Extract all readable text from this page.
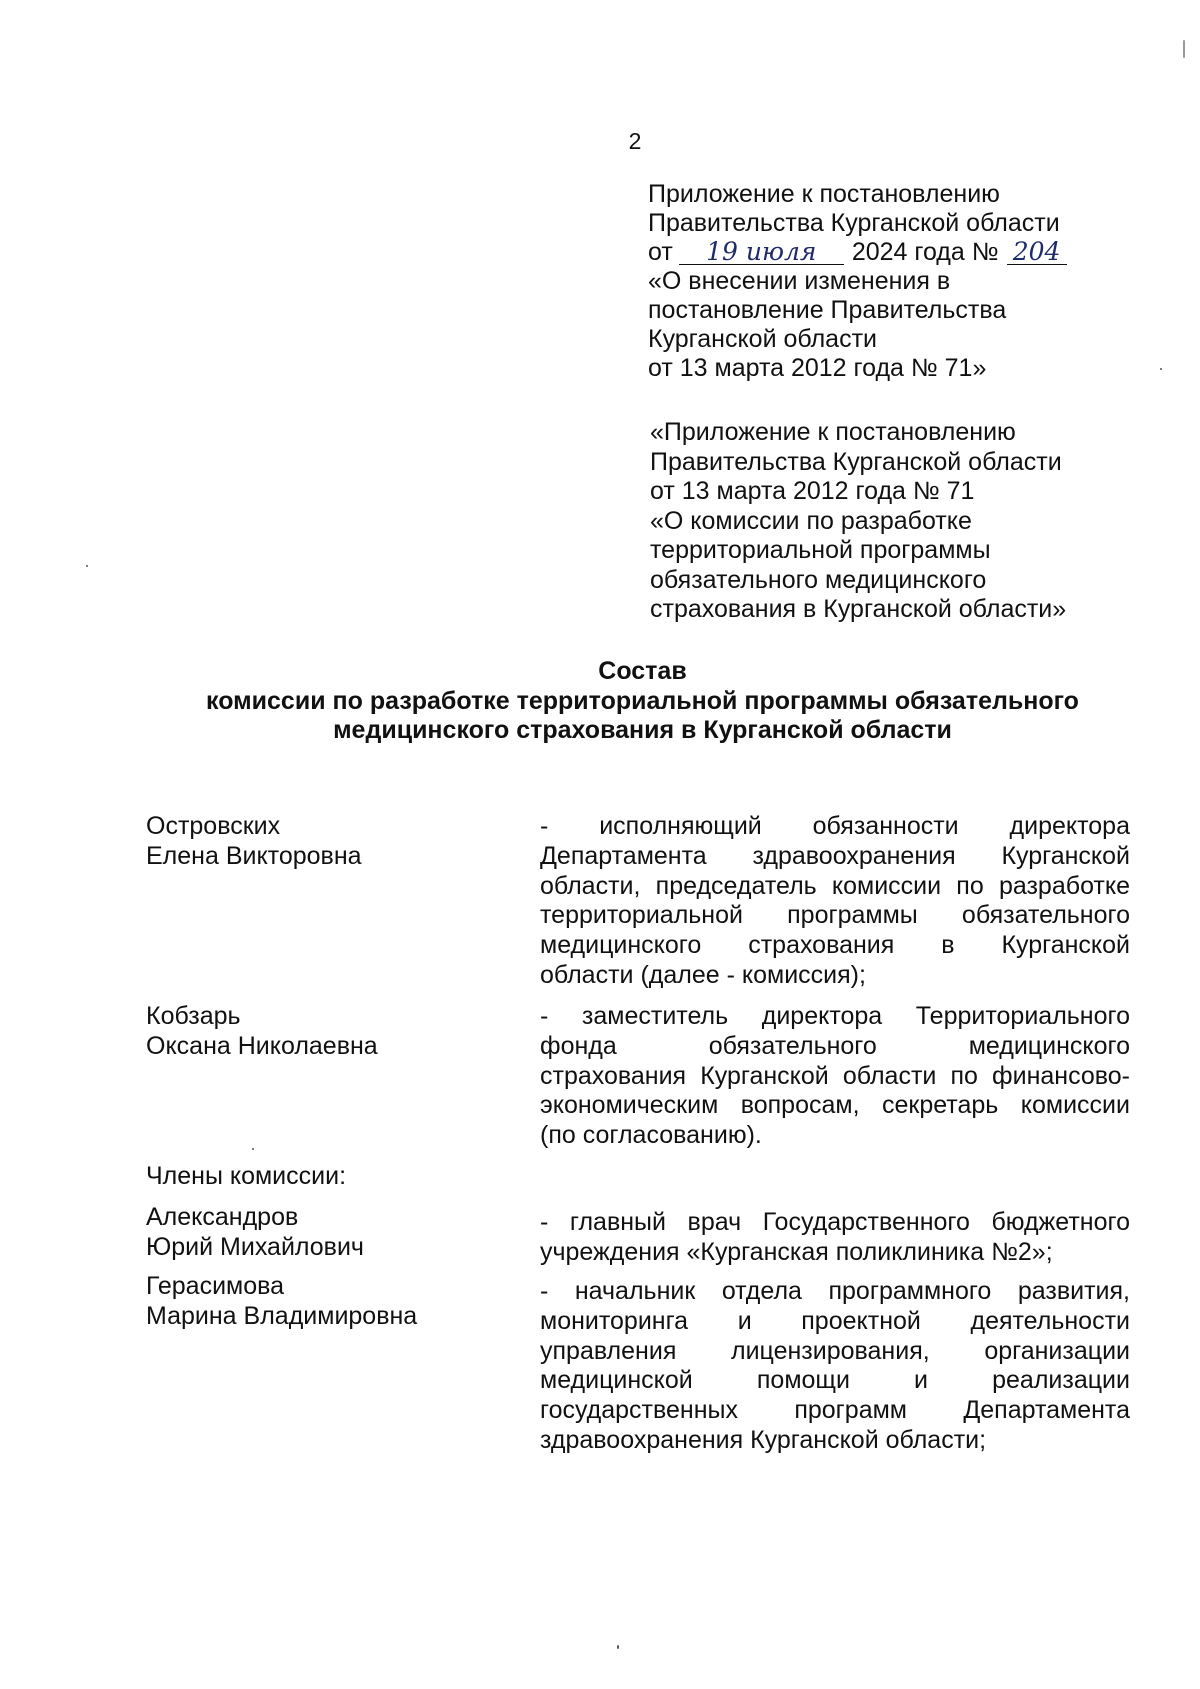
2
Приложение к постановлению
Правительства Курганской области
от 19 июля 2024 года № 204
«О внесении изменения в
постановление Правительства
Курганской области
от 13 марта 2012 года № 71»
«Приложение к постановлению
Правительства Курганской области
от 13 марта 2012 года № 71
«О комиссии по разработке
территориальной программы
обязательного медицинского
страхования в Курганской области»
Состав
комиссии по разработке территориальной программы обязательного
медицинского страхования в Курганской области
Островских
Елена Викторовна
- исполняющий обязанности директора
Департамента здравоохранения Курганской
области, председатель комиссии по разработке
территориальной программы обязательного
медицинского страхования в Курганской
области (далее - комиссия);
Кобзарь
Оксана Николаевна
- заместитель директора Территориального
фонда обязательного медицинского
страхования Курганской области по финансово-
экономическим вопросам, секретарь комиссии
(по согласованию).
Члены комиссии:
Александров
Юрий Михайлович
- главный врач Государственного бюджетного
учреждения «Курганская поликлиника №2»;
Герасимова
Марина Владимировна
- начальник отдела программного развития,
мониторинга и проектной деятельности
управления лицензирования, организации
медицинской помощи и реализации
государственных программ Департамента
здравоохранения Курганской области;
